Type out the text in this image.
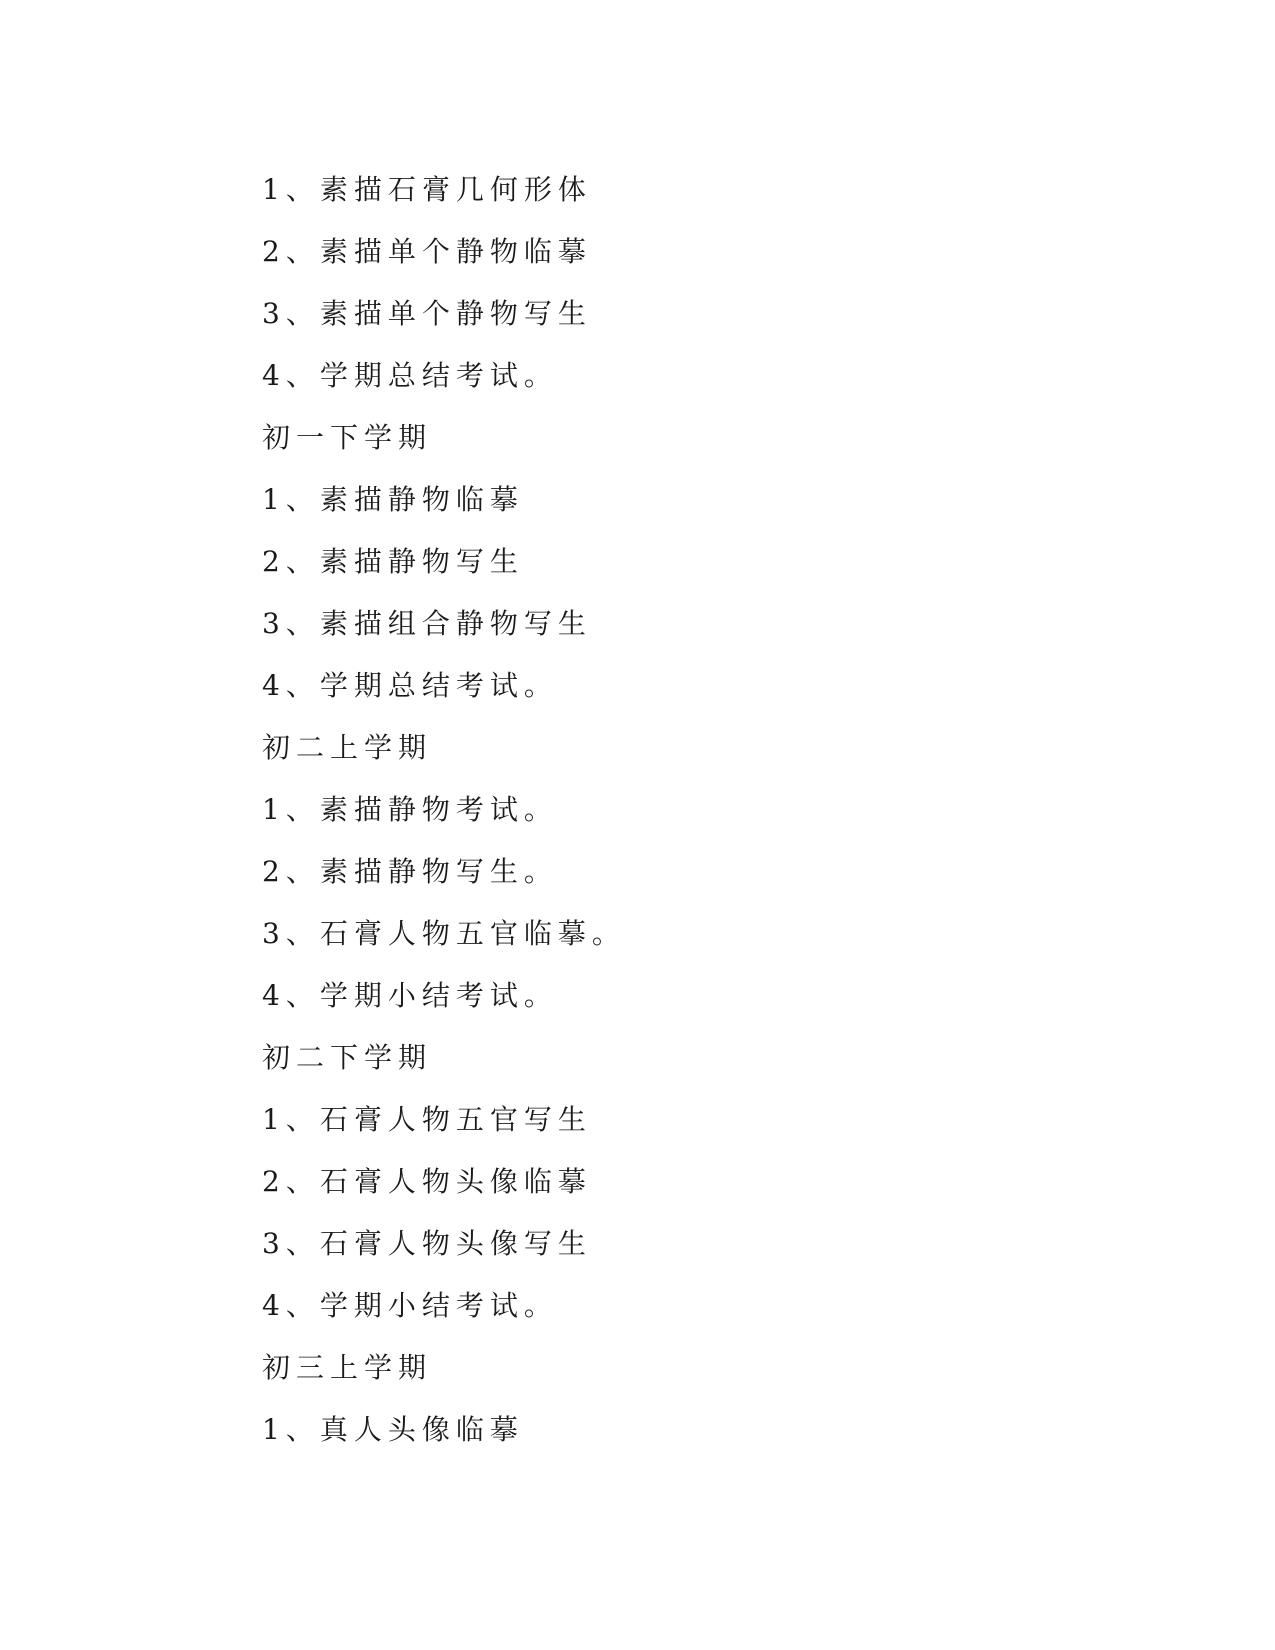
1、素描石膏几何形体
2、素描单个静物临摹
3、素描单个静物写生
4、学期总结考试。
初一下学期
1、素描静物临摹
2、素描静物写生
3、素描组合静物写生
4、学期总结考试。
初二上学期
1、素描静物考试。
2、素描静物写生。
3、石膏人物五官临摹。
4、学期小结考试。
初二下学期
1、石膏人物五官写生
2、石膏人物头像临摹
3、石膏人物头像写生
4、学期小结考试。
初三上学期
1、真人头像临摹
